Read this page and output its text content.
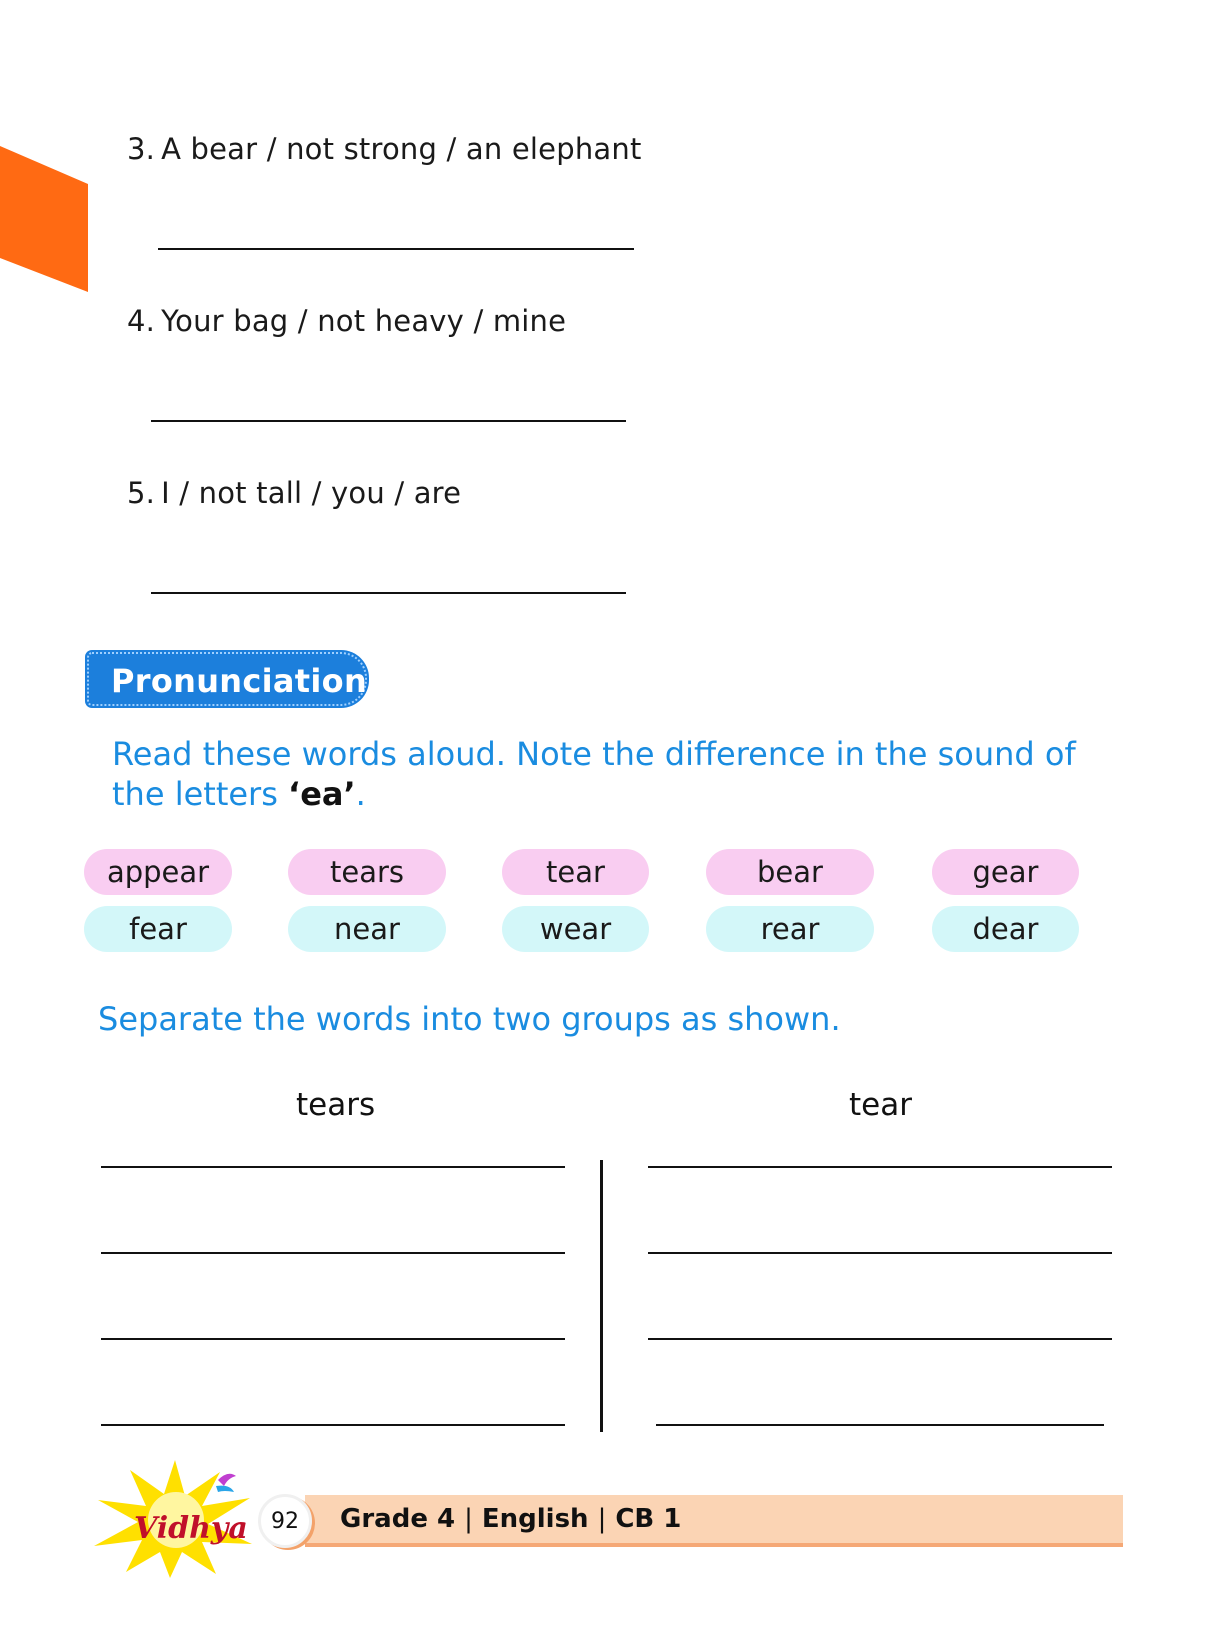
3. A bear / not strong / an elephant
4. Your bag / not heavy / mine
5. I / not tall / you / are
Pronunciation
Read these words aloud. Note the difference in the sound of the letters ‘ea’.
appear	tears	tear	bear	gear
fear	near	wear	rear	dear
Separate the words into two groups as shown.
tears	tear
Vidhya	92	Grade 4 | English | CB 1
